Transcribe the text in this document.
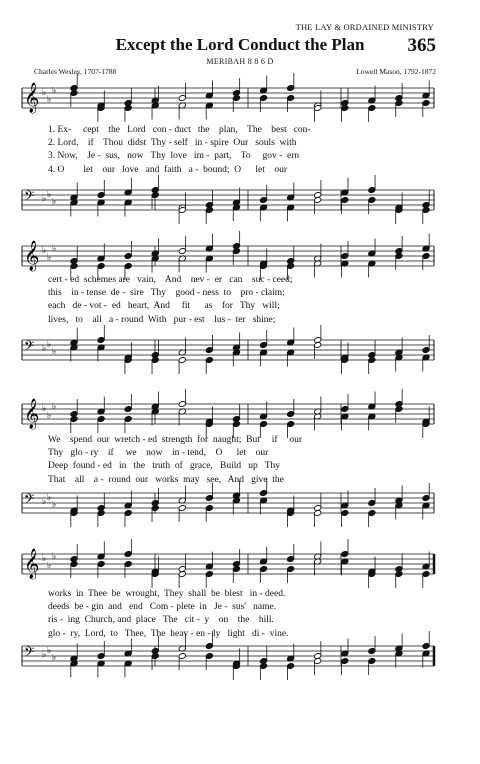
THE LAY & ORDAINED MINISTRY
Except the Lord Conduct the Plan	365
MERIBAH 8 8 6 D
Charles Wesley, 1707-1788	Lowell Mason, 1792-1872
𝄞 ♭
♭
♭
1. Ex-     cept    the   Lord   con - duct   the    plan,    The    best   con-
2. Lord,    if    Thou  didst  Thy - self   in - spire  Our   souls  with
3. Now,    Je -  sus,   now   Thy  love   im -  part,    To     gov -  ern
4. O        let    our   love   and  faith   a -  bound;  O      let    our
𝄢 ♭ ♭
♭
𝄞 ♭
♭
♭
cert - ed  schemes are   vain,    And    nev -  er   can    suc - ceed;
this    in - tense  de -  sire   Thy    good - ness  to    pro - claim;
each   de - vot -  ed   heart,  And     fit      as    for   Thy   will;
lives,   to    all   a - round  With   pur - est    lus -  ter   shine;
𝄢 ♭ ♭
♭
𝄞 ♭
♭
♭
We    spend  our  wretch - ed  strength  for  naught;  But     if     our
Thy   glo - ry    if     we    now    in - tend,    O      let    our
Deep  found - ed   in   the   truth  of   grace,   Build   up   Thy
That    all    a -  round  our   works  may   see,   And   give  the
𝄢 ♭ ♭
♭
𝄞 ♭
♭
♭
works  in  Thee  be  wrought,  They  shall  be  blest   in - deed.
deeds  be - gin  and   end   Com - plete  in   Je -  sus'   name.
ris -  ing  Church, and  place   The   cit -  y    on    the    hill.
glo -  ry,  Lord,  to   Thee,  The  heav - en - ly   light   di -  vine.
𝄢 ♭ ♭
♭
